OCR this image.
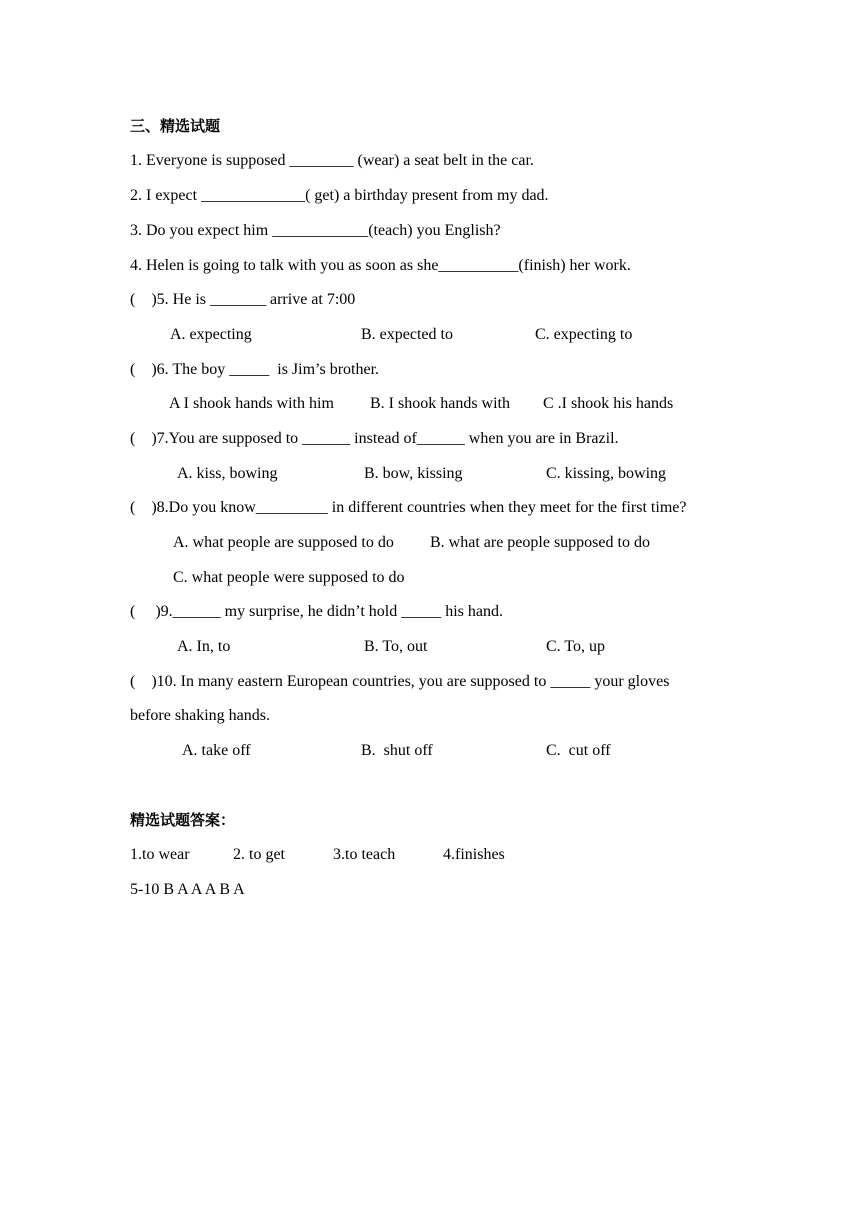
三、精选试题
1. Everyone is supposed ________ (wear) a seat belt in the car.
2. I expect _____________( get) a birthday present from my dad.
3. Do you expect him ____________(teach) you English?
4. Helen is going to talk with you as soon as she__________(finish) her work.
(    )5. He is _______ arrive at 7:00
A. expecting	B. expected to	C. expecting to
(    )6. The boy _____  is Jim’s brother.
A I shook hands with him B. I shook hands with C .I shook his hands
(    )7.You are supposed to ______ instead of______ when you are in Brazil.
A. kiss, bowing	B. bow, kissing	C. kissing, bowing
(    )8.Do you know_________ in different countries when they meet for the first time?
A. what people are supposed to do B. what are people supposed to do
C. what people were supposed to do
(     )9.______ my surprise, he didn’t hold _____ his hand.
A. In, to	B. To, out	C. To, up
(    )10. In many eastern European countries, you are supposed to _____ your gloves
before shaking hands.
A. take off	B.  shut off	C.  cut off
精选试题答案：
1.to wear	2. to get	3.to teach	4.finishes
5-10 B A A A B A
